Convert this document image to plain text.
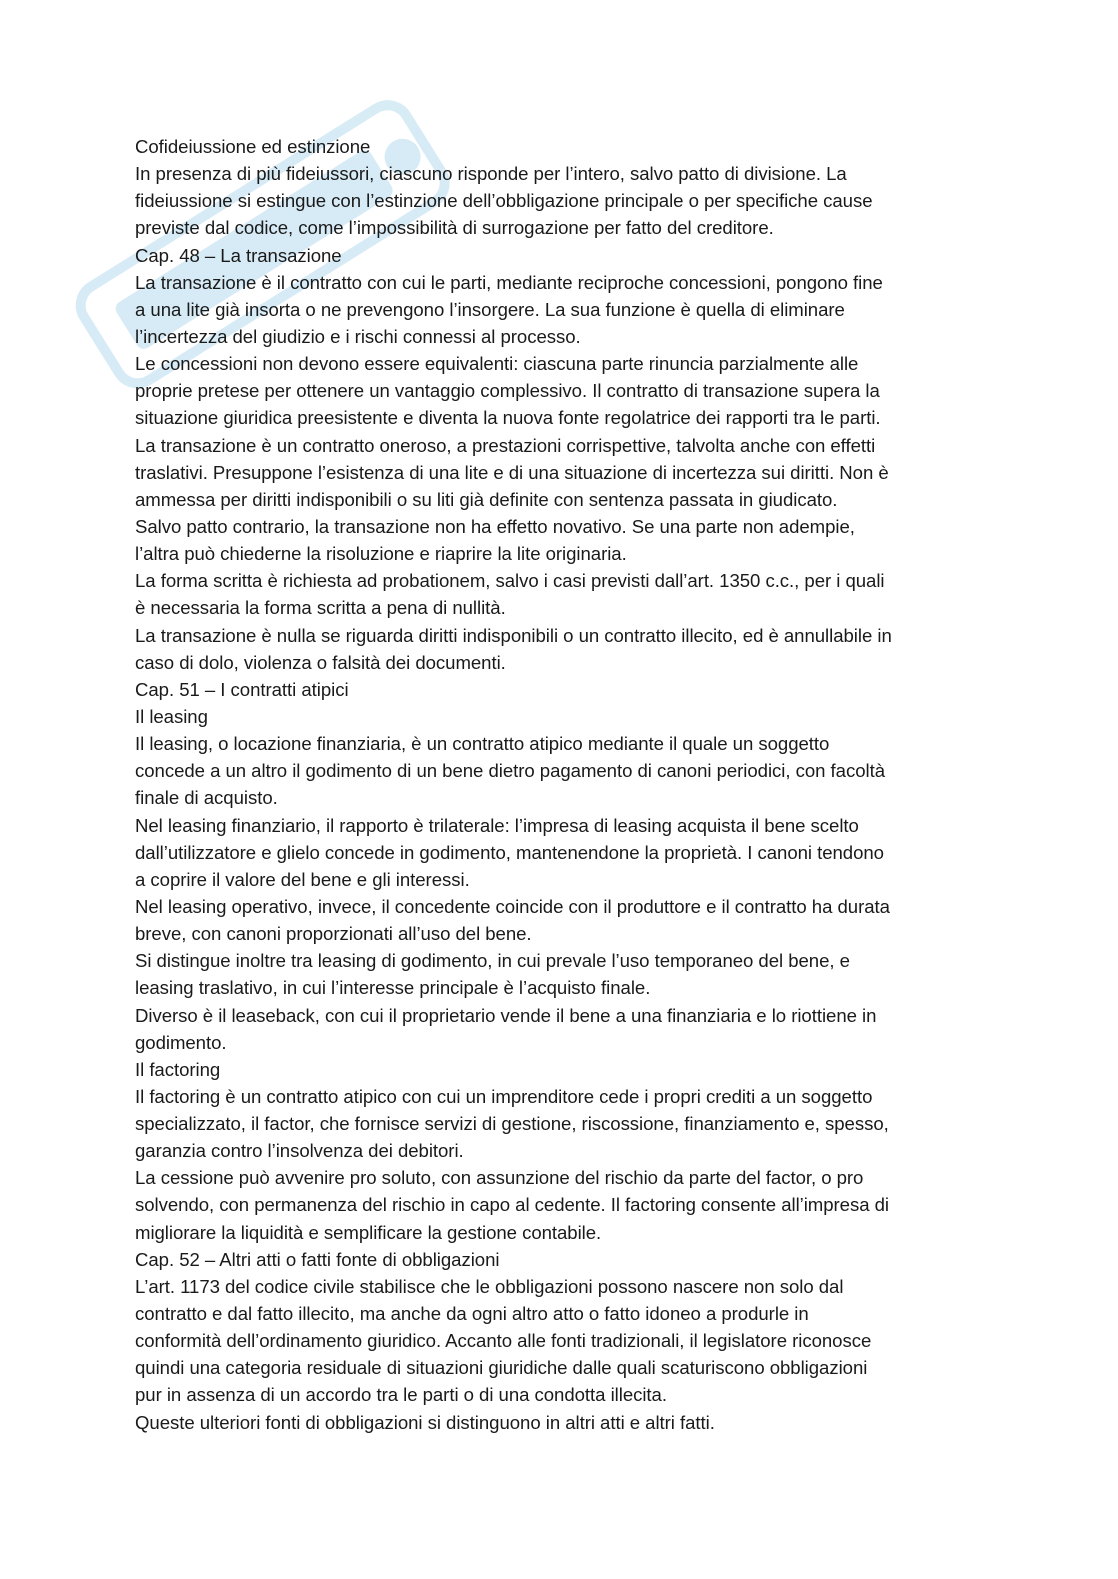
Cofideiussione ed estinzione
In presenza di più fideiussori, ciascuno risponde per l’intero, salvo patto di divisione. La
fideiussione si estingue con l’estinzione dell’obbligazione principale o per specifiche cause
previste dal codice, come l’impossibilità di surrogazione per fatto del creditore.
Cap. 48 – La transazione
La transazione è il contratto con cui le parti, mediante reciproche concessioni, pongono fine
a una lite già insorta o ne prevengono l’insorgere. La sua funzione è quella di eliminare
l’incertezza del giudizio e i rischi connessi al processo.
Le concessioni non devono essere equivalenti: ciascuna parte rinuncia parzialmente alle
proprie pretese per ottenere un vantaggio complessivo. Il contratto di transazione supera la
situazione giuridica preesistente e diventa la nuova fonte regolatrice dei rapporti tra le parti.
La transazione è un contratto oneroso, a prestazioni corrispettive, talvolta anche con effetti
traslativi. Presuppone l’esistenza di una lite e di una situazione di incertezza sui diritti. Non è
ammessa per diritti indisponibili o su liti già definite con sentenza passata in giudicato.
Salvo patto contrario, la transazione non ha effetto novativo. Se una parte non adempie,
l’altra può chiederne la risoluzione e riaprire la lite originaria.
La forma scritta è richiesta ad probationem, salvo i casi previsti dall’art. 1350 c.c., per i quali
è necessaria la forma scritta a pena di nullità.
La transazione è nulla se riguarda diritti indisponibili o un contratto illecito, ed è annullabile in
caso di dolo, violenza o falsità dei documenti.
Cap. 51 – I contratti atipici
Il leasing
Il leasing, o locazione finanziaria, è un contratto atipico mediante il quale un soggetto
concede a un altro il godimento di un bene dietro pagamento di canoni periodici, con facoltà
finale di acquisto.
Nel leasing finanziario, il rapporto è trilaterale: l’impresa di leasing acquista il bene scelto
dall’utilizzatore e glielo concede in godimento, mantenendone la proprietà. I canoni tendono
a coprire il valore del bene e gli interessi.
Nel leasing operativo, invece, il concedente coincide con il produttore e il contratto ha durata
breve, con canoni proporzionati all’uso del bene.
Si distingue inoltre tra leasing di godimento, in cui prevale l’uso temporaneo del bene, e
leasing traslativo, in cui l’interesse principale è l’acquisto finale.
Diverso è il leaseback, con cui il proprietario vende il bene a una finanziaria e lo riottiene in
godimento.
Il factoring
Il factoring è un contratto atipico con cui un imprenditore cede i propri crediti a un soggetto
specializzato, il factor, che fornisce servizi di gestione, riscossione, finanziamento e, spesso,
garanzia contro l’insolvenza dei debitori.
La cessione può avvenire pro soluto, con assunzione del rischio da parte del factor, o pro
solvendo, con permanenza del rischio in capo al cedente. Il factoring consente all’impresa di
migliorare la liquidità e semplificare la gestione contabile.
Cap. 52 – Altri atti o fatti fonte di obbligazioni
L’art. 1173 del codice civile stabilisce che le obbligazioni possono nascere non solo dal
contratto e dal fatto illecito, ma anche da ogni altro atto o fatto idoneo a produrle in
conformità dell’ordinamento giuridico. Accanto alle fonti tradizionali, il legislatore riconosce
quindi una categoria residuale di situazioni giuridiche dalle quali scaturiscono obbligazioni
pur in assenza di un accordo tra le parti o di una condotta illecita.
Queste ulteriori fonti di obbligazioni si distinguono in altri atti e altri fatti.
